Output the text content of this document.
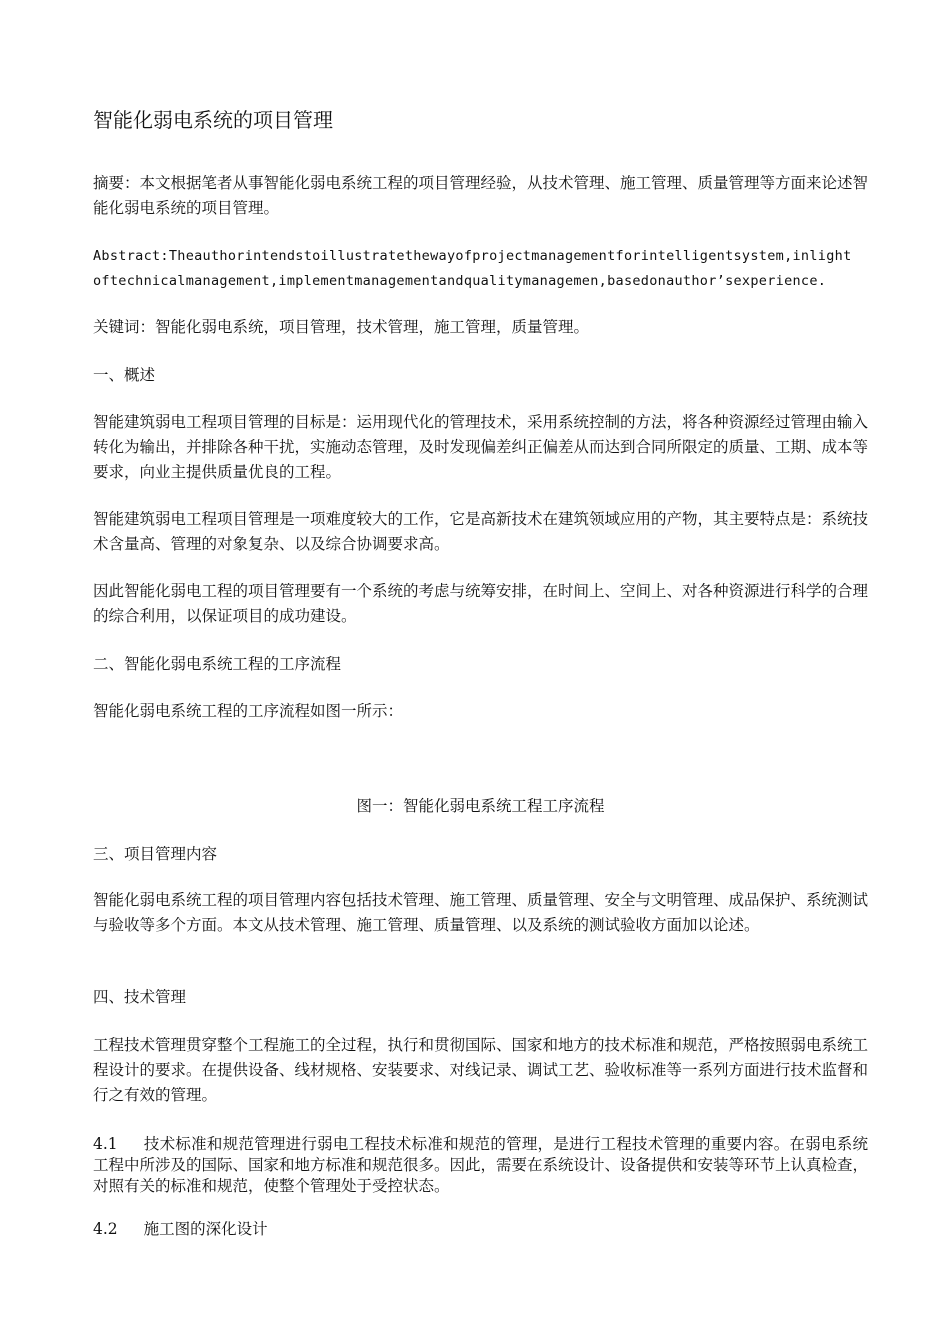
智能化弱电系统的项目管理

摘要：本文根据笔者从事智能化弱电系统工程的项目管理经验，从技术管理、施工管理、质量管理等方面来论述智能化弱电系统的项目管理。

Abstract:Theauthorintendstoillustratethewayofprojectmanagementforintelligentsystem,inlight
oftechnicalmanagement,implementmanagementandqualitymanagemen,basedonauthor’sexperience.

关键词：智能化弱电系统，项目管理，技术管理，施工管理，质量管理。

一、概述

智能建筑弱电工程项目管理的目标是：运用现代化的管理技术，采用系统控制的方法，将各种资源经过管理由输入转化为输出，并排除各种干扰，实施动态管理，及时发现偏差纠正偏差从而达到合同所限定的质量、工期、成本等要求，向业主提供质量优良的工程。

智能建筑弱电工程项目管理是一项难度较大的工作，它是高新技术在建筑领域应用的产物，其主要特点是：系统技术含量高、管理的对象复杂、以及综合协调要求高。

因此智能化弱电工程的项目管理要有一个系统的考虑与统筹安排，在时间上、空间上、对各种资源进行科学的合理的综合利用，以保证项目的成功建设。

二、智能化弱电系统工程的工序流程

智能化弱电系统工程的工序流程如图一所示：

图一：智能化弱电系统工程工序流程

三、项目管理内容

智能化弱电系统工程的项目管理内容包括技术管理、施工管理、质量管理、安全与文明管理、成品保护、系统测试与验收等多个方面。本文从技术管理、施工管理、质量管理、以及系统的测试验收方面加以论述。

四、技术管理

工程技术管理贯穿整个工程施工的全过程，执行和贯彻国际、国家和地方的技术标准和规范，严格按照弱电系统工程设计的要求。在提供设备、线材规格、安装要求、对线记录、调试工艺、验收标准等一系列方面进行技术监督和行之有效的管理。

4.1 技术标准和规范管理进行弱电工程技术标准和规范的管理，是进行工程技术管理的重要内容。在弱电系统工程中所涉及的国际、国家和地方标准和规范很多。因此，需要在系统设计、设备提供和安装等环节上认真检查，对照有关的标准和规范，使整个管理处于受控状态。

4.2 施工图的深化设计
